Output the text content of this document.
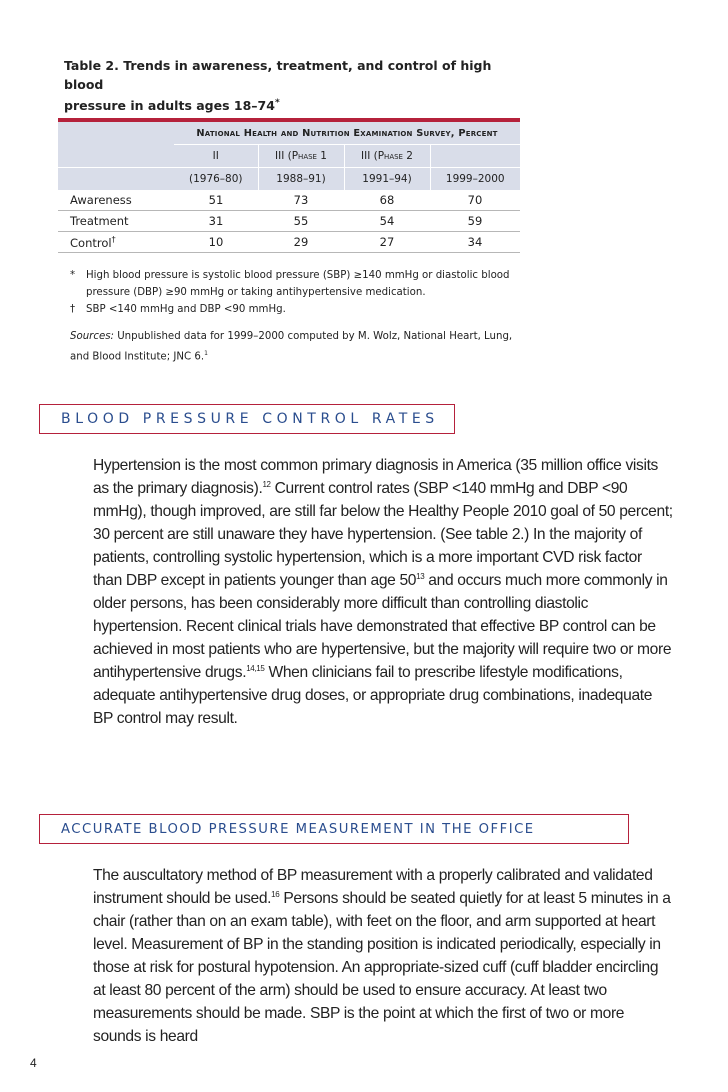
Table 2. Trends in awareness, treatment, and control of high blood
pressure in adults ages 18–74*
	National Health and Nutrition Examination Survey, Percent			
	II	III (Phase 1	III (Phase 2	
	(1976–80)	1988–91)	1991–94)	1999–2000
Awareness	51	73	68	70
Treatment	31	55	54	59
Control†	10	29	27	34
* High blood pressure is systolic blood pressure (SBP) ≥140 mmHg or diastolic blood pressure (DBP) ≥90 mmHg or taking antihypertensive medication.
† SBP <140 mmHg and DBP <90 mmHg.
Sources: Unpublished data for 1999–2000 computed by M. Wolz, National Heart, Lung, and Blood Institute; JNC 6.$^1$
BLOOD PRESSURE CONTROL RATES
Hypertension is the most common primary diagnosis in America (35 million office visits as the primary diagnosis).$^{12}$ Current control rates (SBP <140 mmHg and DBP <90 mmHg), though improved, are still far below the Healthy People 2010 goal of 50 percent; 30 percent are still unaware they have hypertension. (See table 2.) In the majority of patients, controlling systolic hypertension, which is a more important CVD risk factor than DBP except in patients younger than age $50^{13}$ and occurs much more commonly in older persons, has been considerably more difficult than controlling diastolic hypertension. Recent clinical trials have demonstrated that effective BP control can be achieved in most patients who are hypertensive, but the majority will require two or more antihypertensive drugs.$^{14,15}$ When clinicians fail to prescribe lifestyle modifications, adequate antihypertensive drug doses, or appropriate drug combinations, inadequate BP control may result.
ACCURATE BLOOD PRESSURE MEASUREMENT IN THE OFFICE
The auscultatory method of BP measurement with a properly calibrated and validated instrument should be used.$^{16}$ Persons should be seated quietly for at least 5 minutes in a chair (rather than on an exam table), with feet on the floor, and arm supported at heart level. Measurement of BP in the standing position is indicated periodically, especially in those at risk for postural hypotension. An appropriate-sized cuff (cuff bladder encircling at least 80 percent of the arm) should be used to ensure accuracy. At least two measurements should be made. SBP is the point at which the first of two or more sounds is heard
4
